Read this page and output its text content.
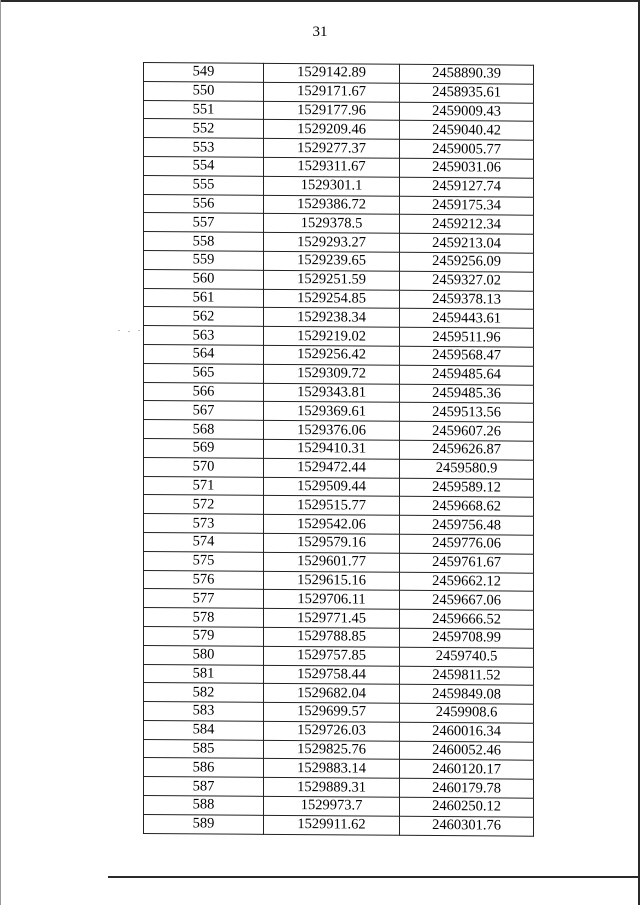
31
549	1529142.89	2458890.39
550	1529171.67	2458935.61
551	1529177.96	2459009.43
552	1529209.46	2459040.42
553	1529277.37	2459005.77
554	1529311.67	2459031.06
555	1529301.1	2459127.74
556	1529386.72	2459175.34
557	1529378.5	2459212.34
558	1529293.27	2459213.04
559	1529239.65	2459256.09
560	1529251.59	2459327.02
561	1529254.85	2459378.13
562	1529238.34	2459443.61
563	1529219.02	2459511.96
564	1529256.42	2459568.47
565	1529309.72	2459485.64
566	1529343.81	2459485.36
567	1529369.61	2459513.56
568	1529376.06	2459607.26
569	1529410.31	2459626.87
570	1529472.44	2459580.9
571	1529509.44	2459589.12
572	1529515.77	2459668.62
573	1529542.06	2459756.48
574	1529579.16	2459776.06
575	1529601.77	2459761.67
576	1529615.16	2459662.12
577	1529706.11	2459667.06
578	1529771.45	2459666.52
579	1529788.85	2459708.99
580	1529757.85	2459740.5
581	1529758.44	2459811.52
582	1529682.04	2459849.08
583	1529699.57	2459908.6
584	1529726.03	2460016.34
585	1529825.76	2460052.46
586	1529883.14	2460120.17
587	1529889.31	2460179.78
588	1529973.7	2460250.12
589	1529911.62	2460301.76
